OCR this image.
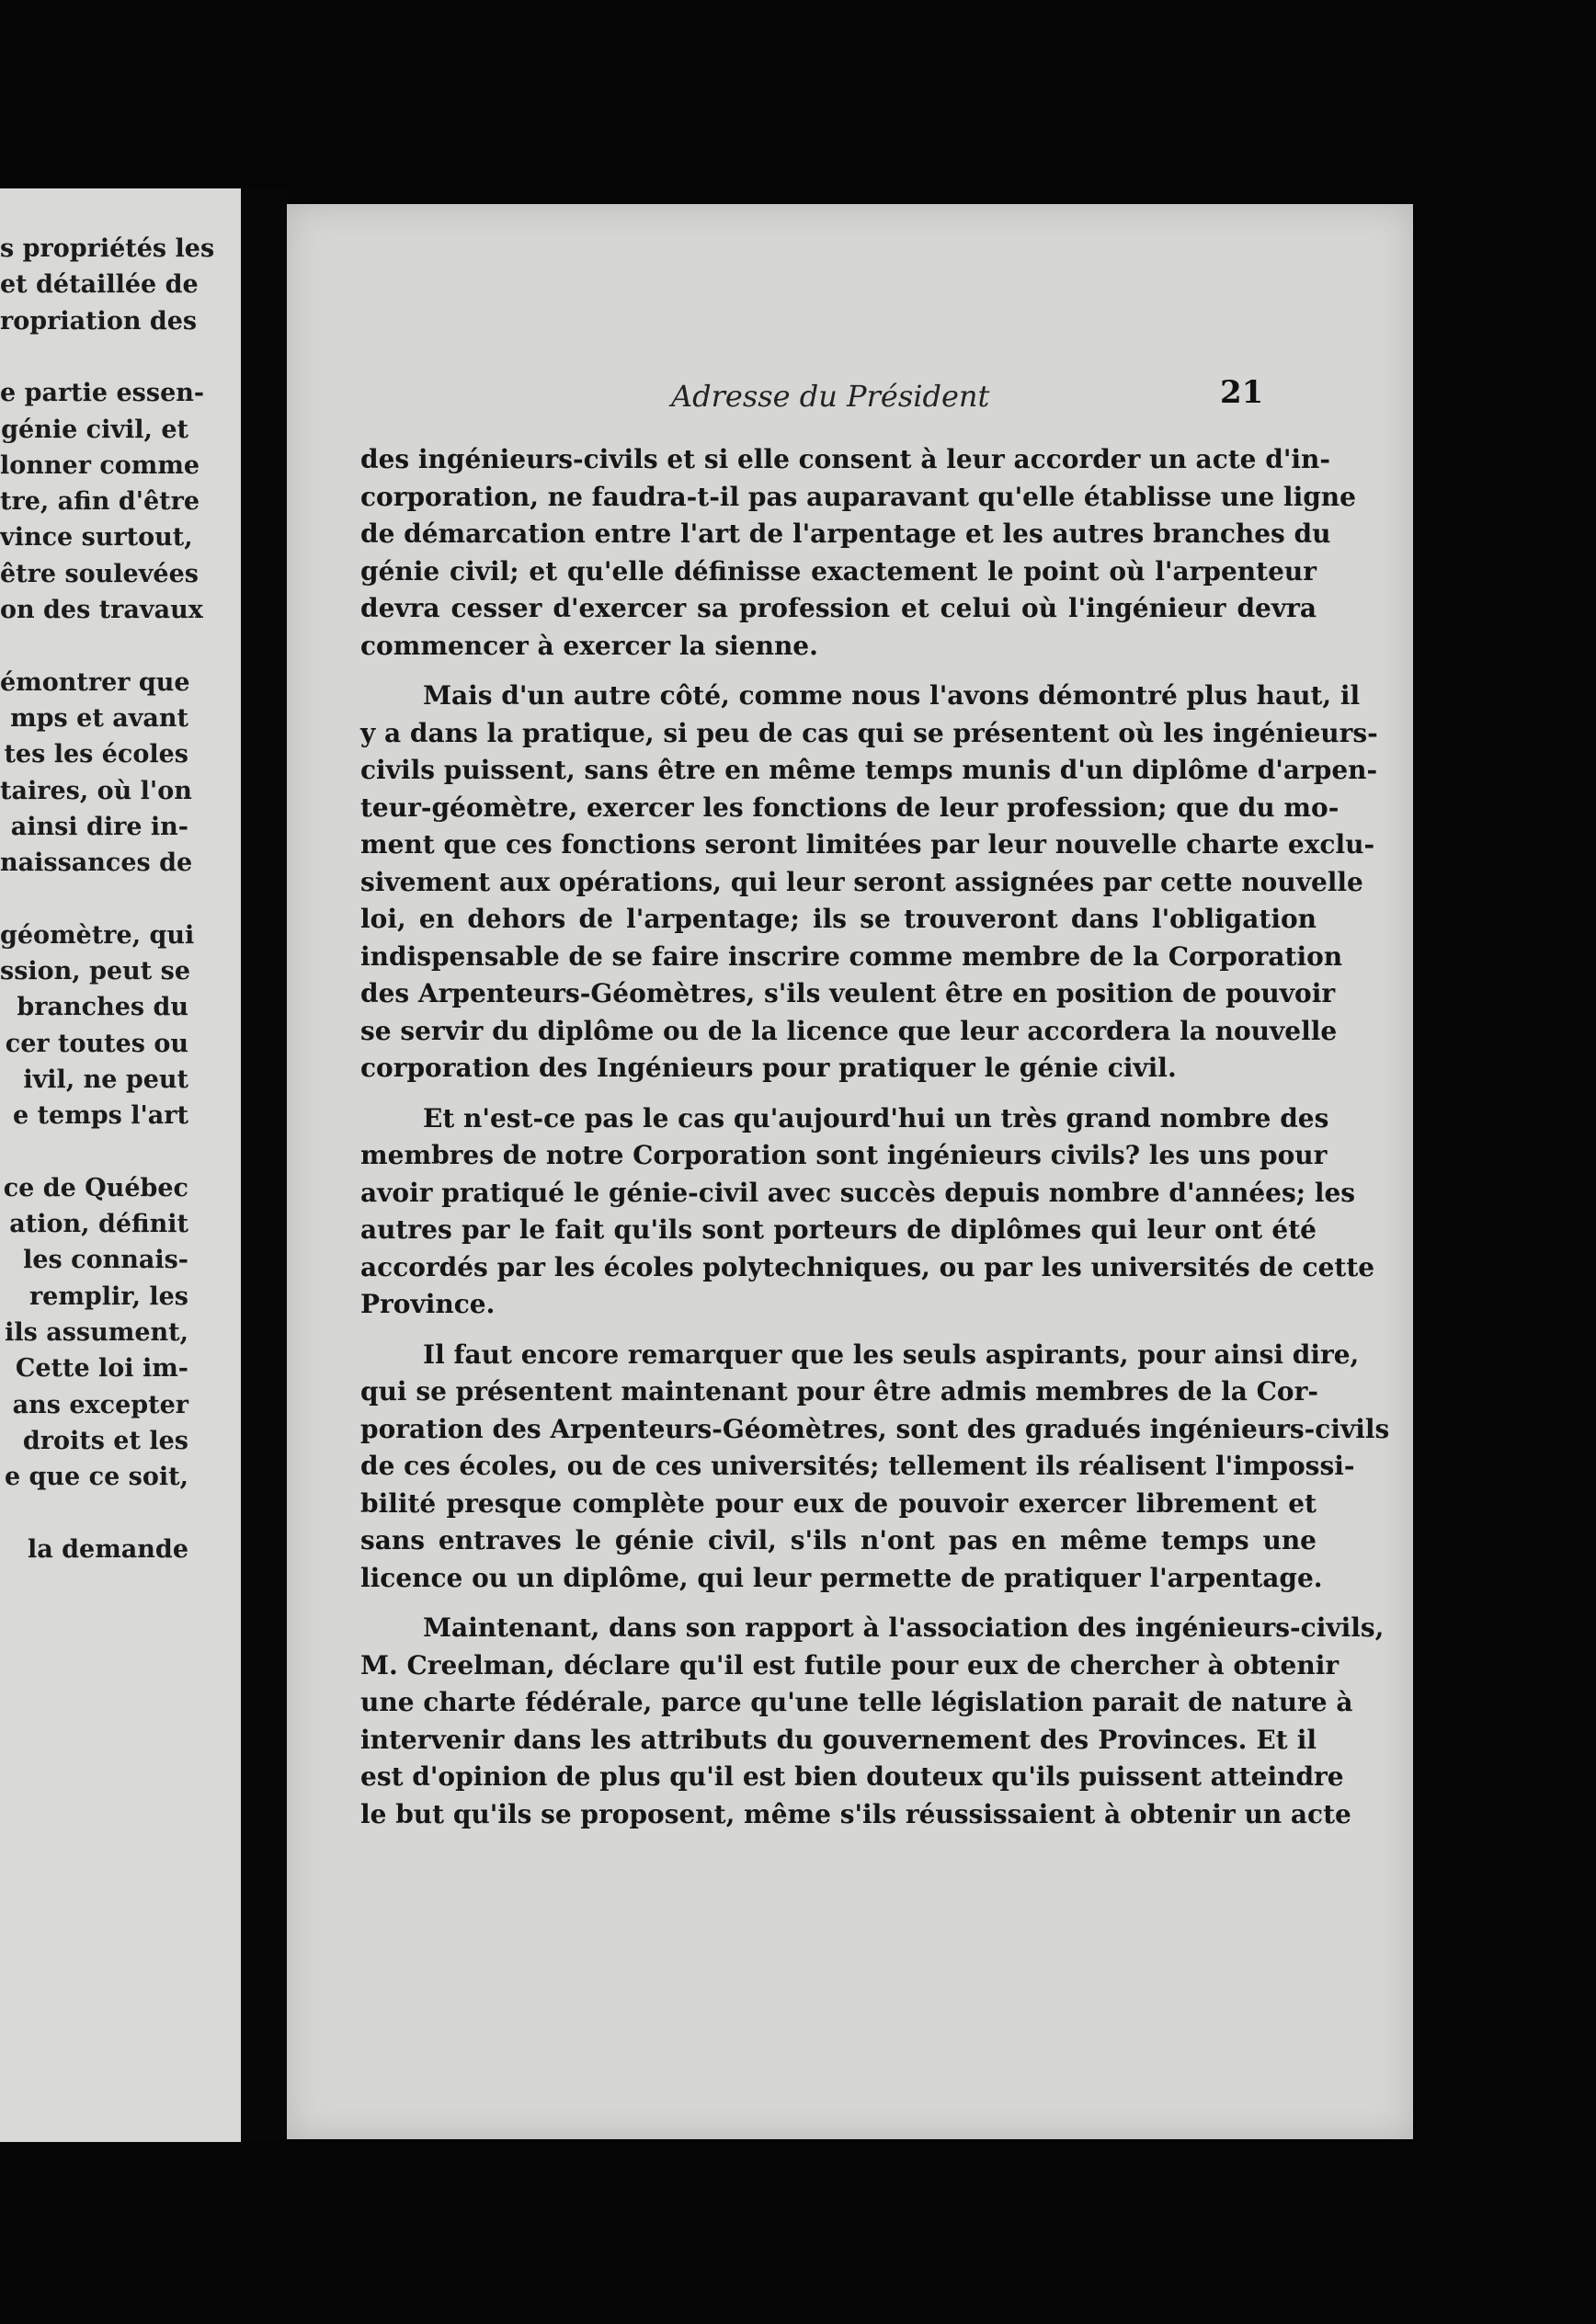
s propriétés les
et détaillée de
ropriation des
e partie essen-
génie civil, et
lonner comme
tre, afin d'être
vince surtout,
être soulevées
on des travaux
émontrer que
mps et avant
tes les écoles
taires, où l'on
ainsi dire in-
naissances de
géomètre, qui
ssion, peut se
branches du
cer toutes ou
ivil, ne peut
e temps l'art
ce de Québec
ation, définit
les connais-
remplir, les
ils assument,
Cette loi im-
ans excepter
droits et les
e que ce soit,
la demande
Adresse du Président	21

des ingénieurs-civils et si elle consent à leur accorder un acte d'in-
corporation, ne faudra-t-il pas auparavant qu'elle établisse une ligne
de démarcation entre l'art de l'arpentage et les autres branches du
génie civil; et qu'elle définisse exactement le point où l'arpenteur
devra cesser d'exercer sa profession et celui où l'ingénieur devra
commencer à exercer la sienne.

Mais d'un autre côté, comme nous l'avons démontré plus haut, il
y a dans la pratique, si peu de cas qui se présentent où les ingénieurs-
civils puissent, sans être en même temps munis d'un diplôme d'arpen-
teur-géomètre, exercer les fonctions de leur profession; que du mo-
ment que ces fonctions seront limitées par leur nouvelle charte exclu-
sivement aux opérations, qui leur seront assignées par cette nouvelle
loi, en dehors de l'arpentage; ils se trouveront dans l'obligation
indispensable de se faire inscrire comme membre de la Corporation
des Arpenteurs-Géomètres, s'ils veulent être en position de pouvoir
se servir du diplôme ou de la licence que leur accordera la nouvelle
corporation des Ingénieurs pour pratiquer le génie civil.

Et n'est-ce pas le cas qu'aujourd'hui un très grand nombre des
membres de notre Corporation sont ingénieurs civils? les uns pour
avoir pratiqué le génie-civil avec succès depuis nombre d'années; les
autres par le fait qu'ils sont porteurs de diplômes qui leur ont été
accordés par les écoles polytechniques, ou par les universités de cette
Province.

Il faut encore remarquer que les seuls aspirants, pour ainsi dire,
qui se présentent maintenant pour être admis membres de la Cor-
poration des Arpenteurs-Géomètres, sont des gradués ingénieurs-civils
de ces écoles, ou de ces universités; tellement ils réalisent l'impossi-
bilité presque complète pour eux de pouvoir exercer librement et
sans entraves le génie civil, s'ils n'ont pas en même temps une
licence ou un diplôme, qui leur permette de pratiquer l'arpentage.

Maintenant, dans son rapport à l'association des ingénieurs-civils,
M. Creelman, déclare qu'il est futile pour eux de chercher à obtenir
une charte fédérale, parce qu'une telle législation parait de nature à
intervenir dans les attributs du gouvernement des Provinces. Et il
est d'opinion de plus qu'il est bien douteux qu'ils puissent atteindre
le but qu'ils se proposent, même s'ils réussissaient à obtenir un acte
